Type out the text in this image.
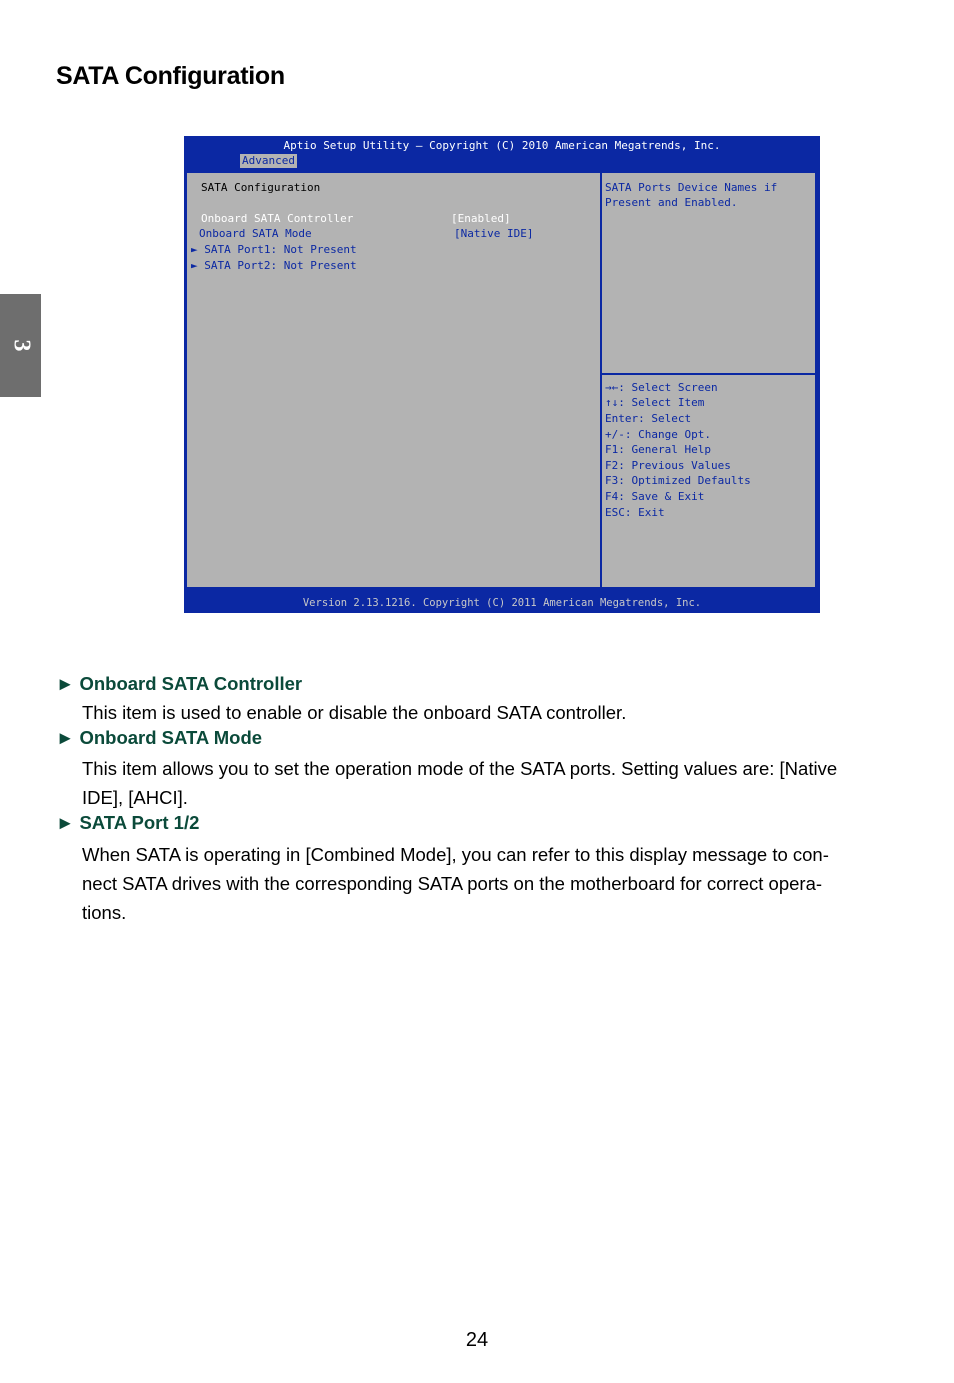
SATA Configuration
3
Aptio Setup Utility – Copyright (C) 2010 American Megatrends, Inc.
Advanced
SATA Configuration
Onboard SATA Controller	[Enabled]
Onboard SATA Mode	[Native IDE]
► SATA Port1: Not Present
► SATA Port2: Not Present
SATA Ports Device Names if
Present and Enabled.
→←: Select Screen
↑↓: Select Item
Enter: Select
+/-: Change Opt.
F1: General Help
F2: Previous Values
F3: Optimized Defaults
F4: Save & Exit
ESC: Exit
Version 2.13.1216. Copyright (C) 2011 American Megatrends, Inc.
► Onboard SATA Controller
This item is used to enable or disable the onboard SATA controller.
► Onboard SATA Mode
This item allows you to set the operation mode of the SATA ports. Setting values are: [Native
IDE], [AHCI].
► SATA Port 1/2
When SATA is operating in [Combined Mode], you can refer to this display message to con-
nect SATA drives with the corresponding SATA ports on the motherboard for correct opera-
tions.
24
